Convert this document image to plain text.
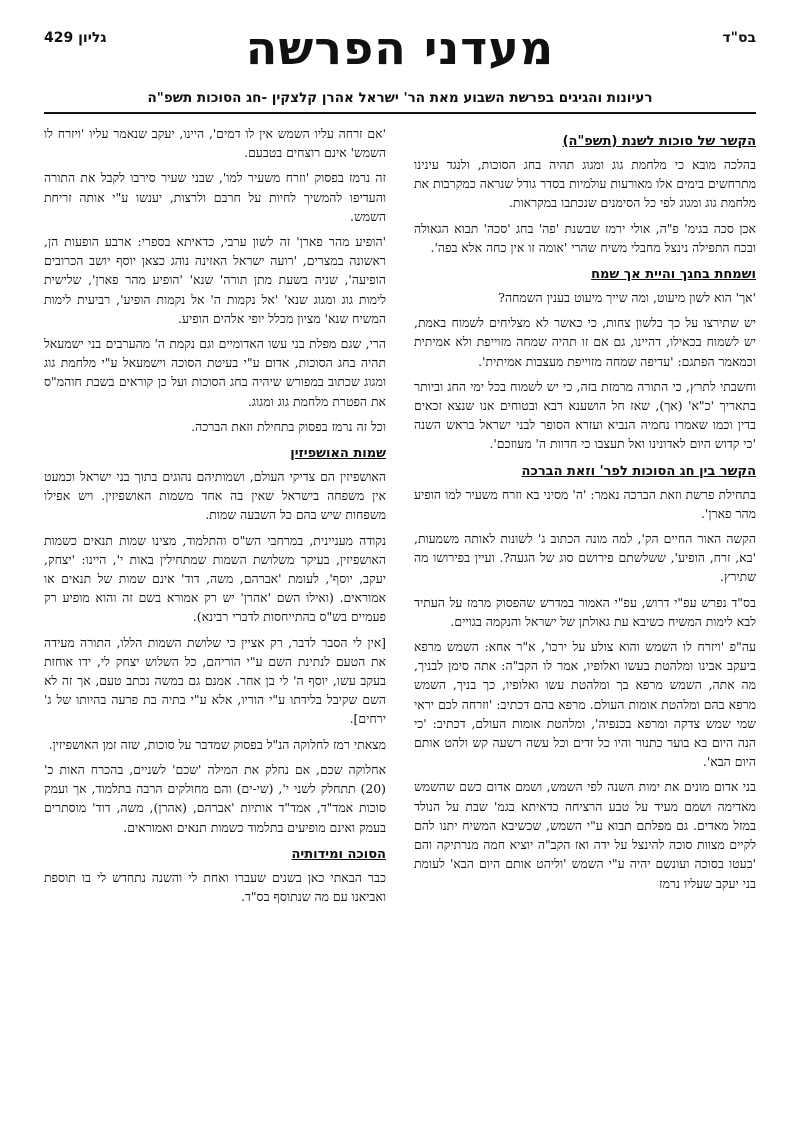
בס"ד
מעדני הפרשה
גליון 429
רעיונות והגיגים בפרשת השבוע מאת הר' ישראל אהרן קלצקין -חג הסוכות תשפ"ה
הקשר של סוכות לשנת (תשפ"ה)

בהלכה מובא כי מלחמת גוג ומגוג תהיה בחג הסוכות, ולנגד עינינו מתרחשים בימים אלו מאורעות עולמיות בסדר גודל שנראה כמקרבות את מלחמת גוג ומגוג לפי כל הסימנים שנכתבו במקראות.

אכן סכה בגימ' פ"ה, אולי ירמז שבשנת 'פה' בחג 'סכה' תבוא הגאולה ובכח התפילה נינצל מחבלי משיח שהרי 'אומה זו אין כחה אלא בפה'.

ושמחת בחגך והיית אך שמח

'אך' הוא לשון מיעוט, ומה שייך מיעוט בענין השמחה?

יש שתירצו על כך בלשון צחות, כי כאשר לא מצליחים לשמוח באמת, יש לשמוח בכאילו, דהיינו, גם אם זו תהיה שמחה מזוייפת ולא אמיתית וכמאמר הפתגם: 'עדיפה שמחה מזוייפת מעצבות אמיתית'.

וחשבתי לתרץ, כי התורה מרמזת בזה, כי יש לשמוח בכל ימי החג וביותר בתאריך 'כ"א' (אך), שאז חל הושענא רבא ובטוחים אנו שנצא זכאים בדין וכמו שאמרו נחמיה הנביא ועזרא הסופר לבני ישראל בראש השנה 'כי קדוש היום לאדונינו ואל תעצבו כי חדוות ה' מעוזכם'.

הקשר בין חג הסוכות לפר' וזאת הברכה

בתחילת פרשת וזאת הברכה נאמר: 'ה' מסיני בא וזרח משעיר למו הופיע מהר פארן'.

הקשה האור החיים הק', למה מונה הכתוב ג' לשונות לאותה משמעות, 'בא, זרח, הופיע', ששלשתם פירושם סוג של הגעה?. ועיין בפירושו מה שתירץ.

בס"ד נפרש עפ"י דרוש, עפ"י האמור במדרש שהפסוק מרמז על העתיד לבא לימות המשיח כשיבא עת גאולתן של ישראל והנקמה בגויים.

עה"פ 'ויזרח לו השמש והוא צולע על ירכו', א"ר אחא: השמש מרפא ביעקב אבינו ומלהטת בעשו ואלופיו, אמר לו הקב"ה: אתה סימן לבניך, מה אתה, השמש מרפא בך ומלהטת עשו ואלופיו, כך בניך, השמש מרפא בהם ומלהטת אומות העולם. מרפא בהם דכתיב: 'וזרחה לכם יראי שמי שמש צדקה ומרפא בכנפיה', ומלהטת אומות העולם, דכתיב: 'כי הנה היום בא בוער כתנור והיו כל זדים וכל עשה רשעה קש ולהט אותם היום הבא'.

בני אדום מונים את ימות השנה לפי השמש, ושמם אדום כשם שהשמש מאדימה ושמם מעיד על טבע הרציחה כדאיתא בגמ' שבת על הנולד במזל מאדים. גם מפלתם תבוא ע"י השמש, שכשיבא המשיח יתנו להם לקיים מצוות סוכה להינצל על ידה ואז הקב"ה יוציא חמה מנרתיקה והם 'בעטו בסוכה ועונשם יהיה ע"י השמש 'וליהט אותם היום הבא' לעומת בני יעקב שעליו נרמז

'אם זרחה עליו השמש אין לו דמים', היינו, יעקב שנאמר עליו 'ויזרח לו השמש' אינם רוצחים בטבעם.

זה נרמז בפסוק 'וזרח משעיר למו', שבני שעיר סירבו לקבל את התורה והעדיפו להמשיך לחיות על חרבם ולרצות, יענשו ע"י אותה זריחת השמש.

'הופיע מהר פארן' זה לשון ערבי, כדאיתא בספרי: ארבע הופעות הן, ראשונה במצרים, 'רועה ישראל האזינה נוהג כצאן יוסף יושב הכרובים הופיעה', שניה בשעת מתן תורה' שנא' 'הופיע מהר פארן', שלישית לימות גוג ומגוג שנא' 'אל נקמות ה' אל נקמות הופיע', רביעית לימות המשיח שנא' מציון מכלל יופי אלהים הופיע.

הרי, שגם מפלת בני עשו האדומיים וגם נקמת ה' מהערבים בני ישמעאל תהיה בחג הסוכות, אדום ע"י בעיטת הסוכה וישמעאל ע"י מלחמת גוג ומגוג שכתוב במפורש שיהיה בחג הסוכות ועל כן קוראים בשבת חוהמ"ס את הפטרת מלחמת גוג ומגוג.

וכל זה נרמז בפסוק בתחילת וזאת הברכה.

שמות האושפיזין

האושפיזין הם צדיקי העולם, ושמותיהם נהוגים בתוך בני ישראל וכמעט אין משפחה בישראל שאין בה אחד משמות האושפיזין. ויש אפילו משפחות שיש בהם כל השבעה שמות.

נקודה מעניינית, במרחבי הש"ס והתלמוד, מצינו שמות תנאים כשמות האושפיזין, בעיקר משלושת השמות שמתחילין באות י', היינו: 'יצחק, יעקב, יוסף', לעומת 'אברהם, משה, דוד' אינם שמות של תנאים או אמוראים. (ואילו השם 'אהרן' יש רק אמורא בשם זה והוא מופיע רק פעמיים בש"ס בהתייחסות לדברי רבינא).

[אין לי הסבר לדבר, רק אציין כי שלושת השמות הללו, התורה מעידה את הטעם לנתינת השם ע"י הוריהם, כל השלוש יצחק לי, ידו אוחזת בעקב עשו, יוסף ה' לי בן אחר. אמנם גם במשה נכתב טעם, אך זה לא השם שקיבל בלידתו ע"י הוריו, אלא ע"י בתיה בת פרעה בהיותו של ג' ירחים].

מצאתי רמז לחלוקה הנ"ל בפסוק שמדבר על סוכות, שזה זמן האושפיזין.

אחלוקה שכם, אם נחלק את המילה 'שכם' לשניים, בהכרח האות כ' (20) תתחלק לשני י', (שי-ים) והם מחולקים הרבה בתלמוד, אך ועמק סוכות אמד"ד, אמד"ד אותיות 'אברהם, (אהרן), משה, דוד' מוסתרים בעמק ואינם מופיעים בתלמוד כשמות תנאים ואמוראים.

הסוכה ומידותיה

כבר הבאתי כאן בשנים שעברו ואחת לי והשנה נתחדש לי בו תוספת ואביאנו עם מה שנתוסף בס"ד.
